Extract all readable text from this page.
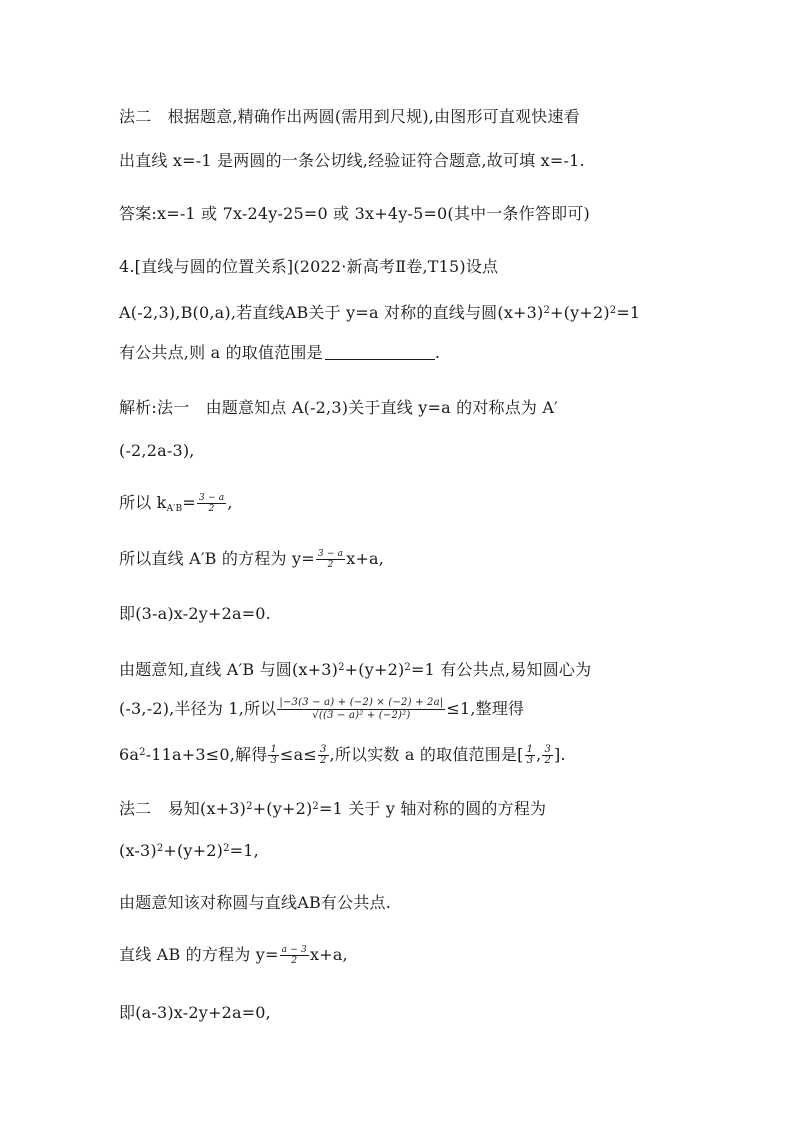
法二　根据题意,精确作出两圆(需用到尺规),由图形可直观快速看
出直线 x=-1 是两圆的一条公切线,经验证符合题意,故可填 x=-1.
答案:x=-1 或 7x-24y-25=0 或 3x+4y-5=0(其中一条作答即可)
4.[直线与圆的位置关系](2022·新高考Ⅱ卷,T15)设点
A(-2,3),B(0,a),若直线AB关于 y=a 对称的直线与圆$(x+3)^2+(y+2)^2=1$
有公共点,则 a 的取值范围是	.
解析:法一　由题意知点 A(-2,3)关于直线 y=a 的对称点为 A′
(-2,2a-3),
所以 $k_{A'B}= \frac{3 - a}{2}$ ,
所以直线 A′B 的方程为 $y= \frac{3 - a}{2} x+a$,
即(3-a)x-2y+2a=0.
由题意知,直线 A′B 与圆$(x+3)^2+(y+2)^2=1$ 有公共点,易知圆心为
(-3,-2),半径为 1,所以 $\frac{|-3(3 - a) + (-2) \times (-2) + 2a|}{\text{√((3 − a)² + (−2)²)}} \le 1$,整理得
$6a^2-11a+3\le 0$,解得 $\frac{1}{3} \le a\le \frac{3}{2}$ ,所以实数 a 的取值范围是[ $\frac{1}{3}$ , $\frac{3}{2}$ ].
法二　易知$(x+3)^2+(y+2)^2=1$ 关于 y 轴对称的圆的方程为
$(x-3)^2+(y+2)^2=1$,
由题意知该对称圆与直线AB有公共点.
直线 AB 的方程为 $y= \frac{a - 3}{2} x+a$,
即(a-3)x-2y+2a=0,
